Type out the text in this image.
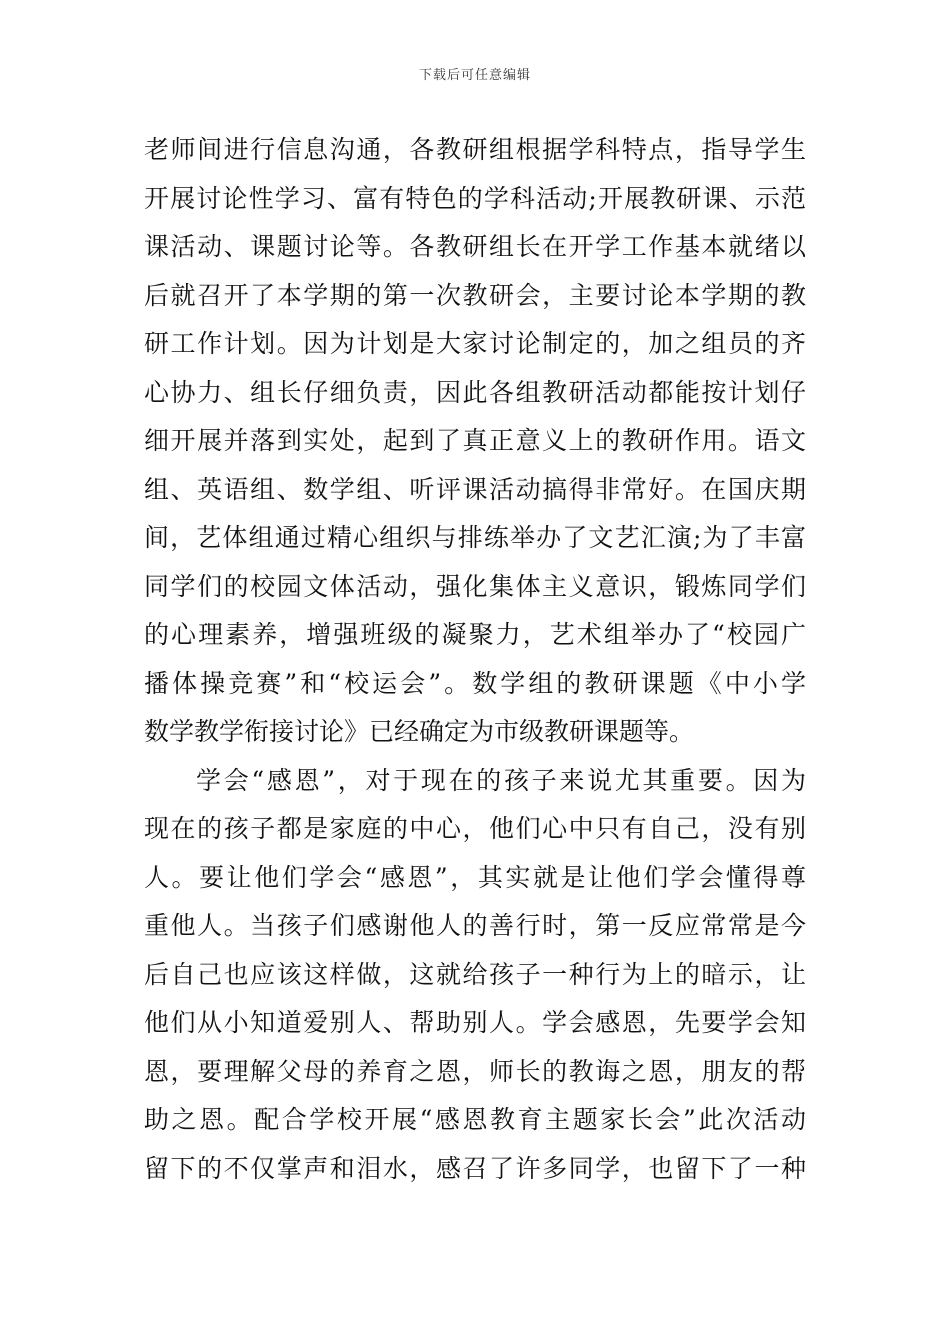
下载后可任意编辑
老师间进行信息沟通，各教研组根据学科特点，指导学生
开展讨论性学习、富有特色的学科活动;开展教研课、示范
课活动、课题讨论等。各教研组长在开学工作基本就绪以
后就召开了本学期的第一次教研会，主要讨论本学期的教
研工作计划。因为计划是大家讨论制定的，加之组员的齐
心协力、组长仔细负责，因此各组教研活动都能按计划仔
细开展并落到实处，起到了真正意义上的教研作用。语文
组、英语组、数学组、听评课活动搞得非常好。在国庆期
间，艺体组通过精心组织与排练举办了文艺汇演;为了丰富
同学们的校园文体活动，强化集体主义意识，锻炼同学们
的心理素养，增强班级的凝聚力，艺术组举办了“校园广
播体操竞赛”和“校运会”。数学组的教研课题《中小学
数学教学衔接讨论》已经确定为市级教研课题等。
学会“感恩”，对于现在的孩子来说尤其重要。因为
现在的孩子都是家庭的中心，他们心中只有自己，没有别
人。要让他们学会“感恩”，其实就是让他们学会懂得尊
重他人。当孩子们感谢他人的善行时，第一反应常常是今
后自己也应该这样做，这就给孩子一种行为上的暗示，让
他们从小知道爱别人、帮助别人。学会感恩，先要学会知
恩，要理解父母的养育之恩，师长的教诲之恩，朋友的帮
助之恩。配合学校开展“感恩教育主题家长会”此次活动
留下的不仅掌声和泪水，感召了许多同学，也留下了一种
